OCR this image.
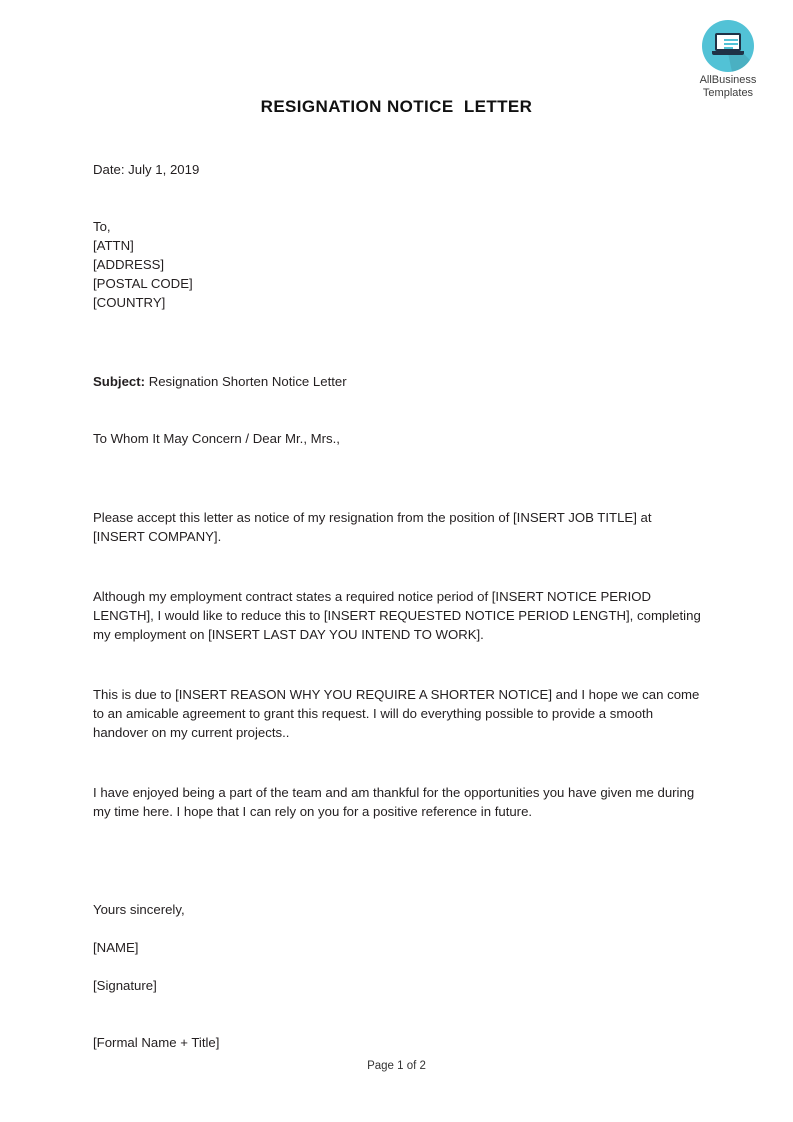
AllBusiness
Templates
RESIGNATION NOTICE  LETTER
Date: July 1, 2019
To,
[ATTN]
[ADDRESS]
[POSTAL CODE]
[COUNTRY]
Subject: Resignation Shorten Notice Letter
To Whom It May Concern / Dear Mr., Mrs.,
Please accept this letter as notice of my resignation from the position of [INSERT JOB TITLE] at [INSERT COMPANY].
Although my employment contract states a required notice period of [INSERT NOTICE PERIOD LENGTH], I would like to reduce this to [INSERT REQUESTED NOTICE PERIOD LENGTH], completing my employment on [INSERT LAST DAY YOU INTEND TO WORK].
This is due to [INSERT REASON WHY YOU REQUIRE A SHORTER NOTICE] and I hope we can come to an amicable agreement to grant this request. I will do everything possible to provide a smooth handover on my current projects..
I have enjoyed being a part of the team and am thankful for the opportunities you have given me during my time here. I hope that I can rely on you for a positive reference in future.
Yours sincerely,
[NAME]
[Signature]
[Formal Name + Title]
Page 1 of 2
